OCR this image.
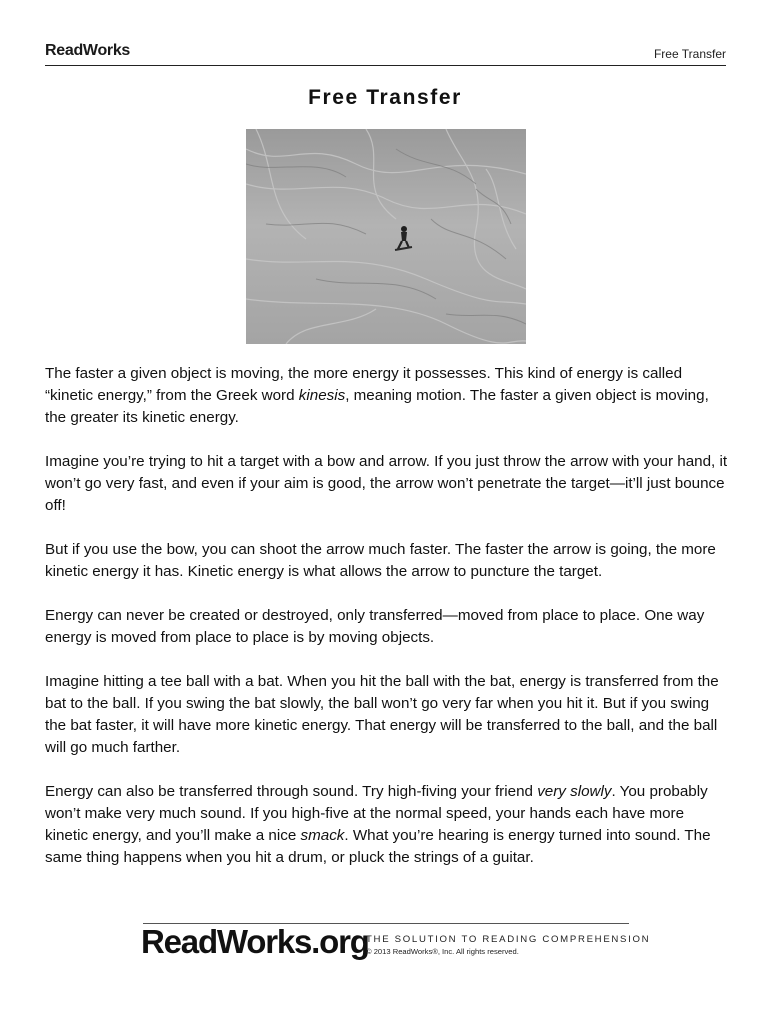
ReadWorks	Free Transfer
Free Transfer

The faster a given object is moving, the more energy it possesses. This kind of energy is called “kinetic energy,” from the Greek word kinesis, meaning motion. The faster a given object is moving, the greater its kinetic energy.

Imagine you’re trying to hit a target with a bow and arrow. If you just throw the arrow with your hand, it won’t go very fast, and even if your aim is good, the arrow won’t penetrate the target—it’ll just bounce off!

But if you use the bow, you can shoot the arrow much faster. The faster the arrow is going, the more kinetic energy it has. Kinetic energy is what allows the arrow to puncture the target.

Energy can never be created or destroyed, only transferred—moved from place to place. One way energy is moved from place to place is by moving objects.

Imagine hitting a tee ball with a bat. When you hit the ball with the bat, energy is transferred from the bat to the ball. If you swing the bat slowly, the ball won’t go very far when you hit it. But if you swing the bat faster, it will have more kinetic energy. That energy will be transferred to the ball, and the ball will go much farther.

Energy can also be transferred through sound. Try high-fiving your friend very slowly. You probably won’t make very much sound. If you high-five at the normal speed, your hands each have more kinetic energy, and you’ll make a nice smack. What you’re hearing is energy turned into sound. The same thing happens when you hit a drum, or pluck the strings of a guitar.

ReadWorks.org
THE SOLUTION TO READING COMPREHENSION
© 2013 ReadWorks®, Inc. All rights reserved.
